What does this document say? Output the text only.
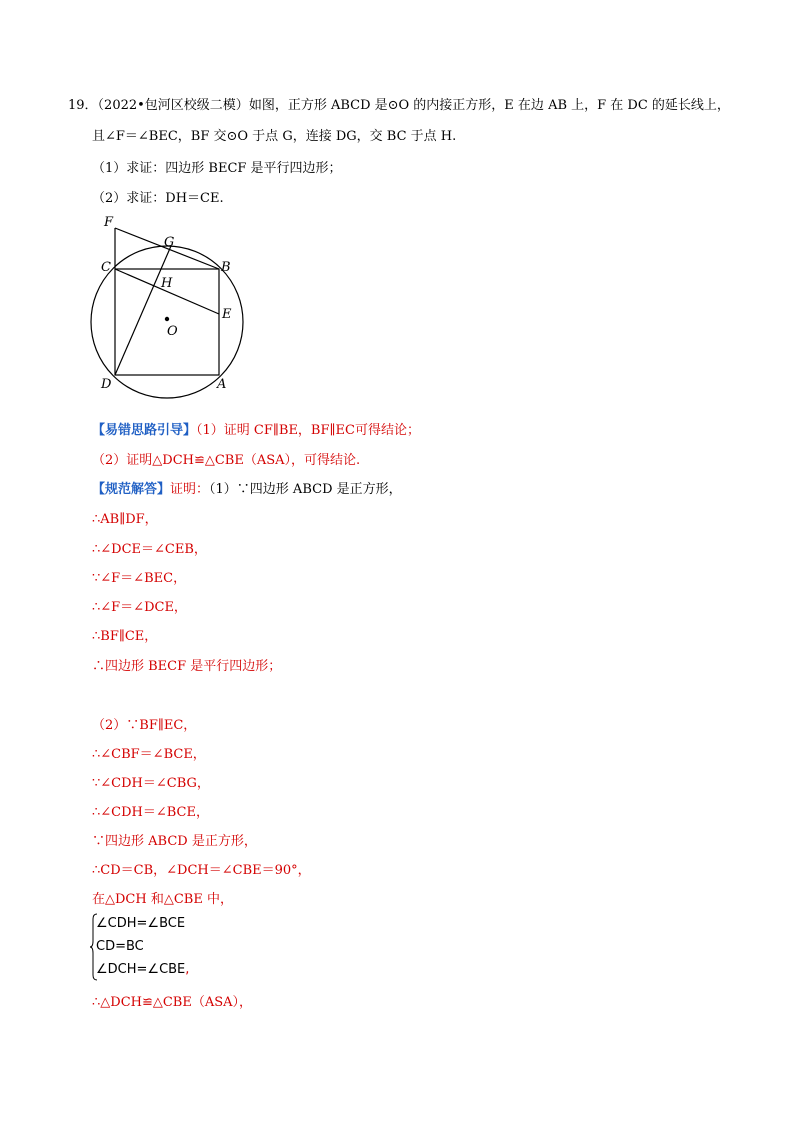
19．（2022•包河区校级二模）如图，正方形 ABCD 是⊙O 的内接正方形，E 在边 AB 上，F 在 DC 的延长线上，
且∠F＝∠BEC，BF 交⊙O 于点 G，连接 DG，交 BC 于点 H.
（1）求证：四边形 BECF 是平行四边形；
（2）求证：DH＝CE.
F
G
C	B
H
E
O
D	A
【易错思路引导】（1）证明 CF∥BE，BF∥EC可得结论；
（2）证明△DCH≌△CBE（ASA），可得结论.
【规范解答】证明：（1）∵四边形 ABCD 是正方形，
∴AB∥DF，
∴∠DCE＝∠CEB，
∵∠F＝∠BEC，
∴∠F＝∠DCE，
∴BF∥CE，
∴四边形 BECF 是平行四边形；
（2）∵BF∥EC，
∴∠CBF＝∠BCE，
∵∠CDH＝∠CBG，
∴∠CDH＝∠BCE，
∵四边形 ABCD 是正方形，
∴CD＝CB，∠DCH＝∠CBE＝90°，
在△DCH 和△CBE 中，
∠CDH=∠BCE
CD=BC
∠DCH=∠CBE,
∴△DCH≌△CBE（ASA），
